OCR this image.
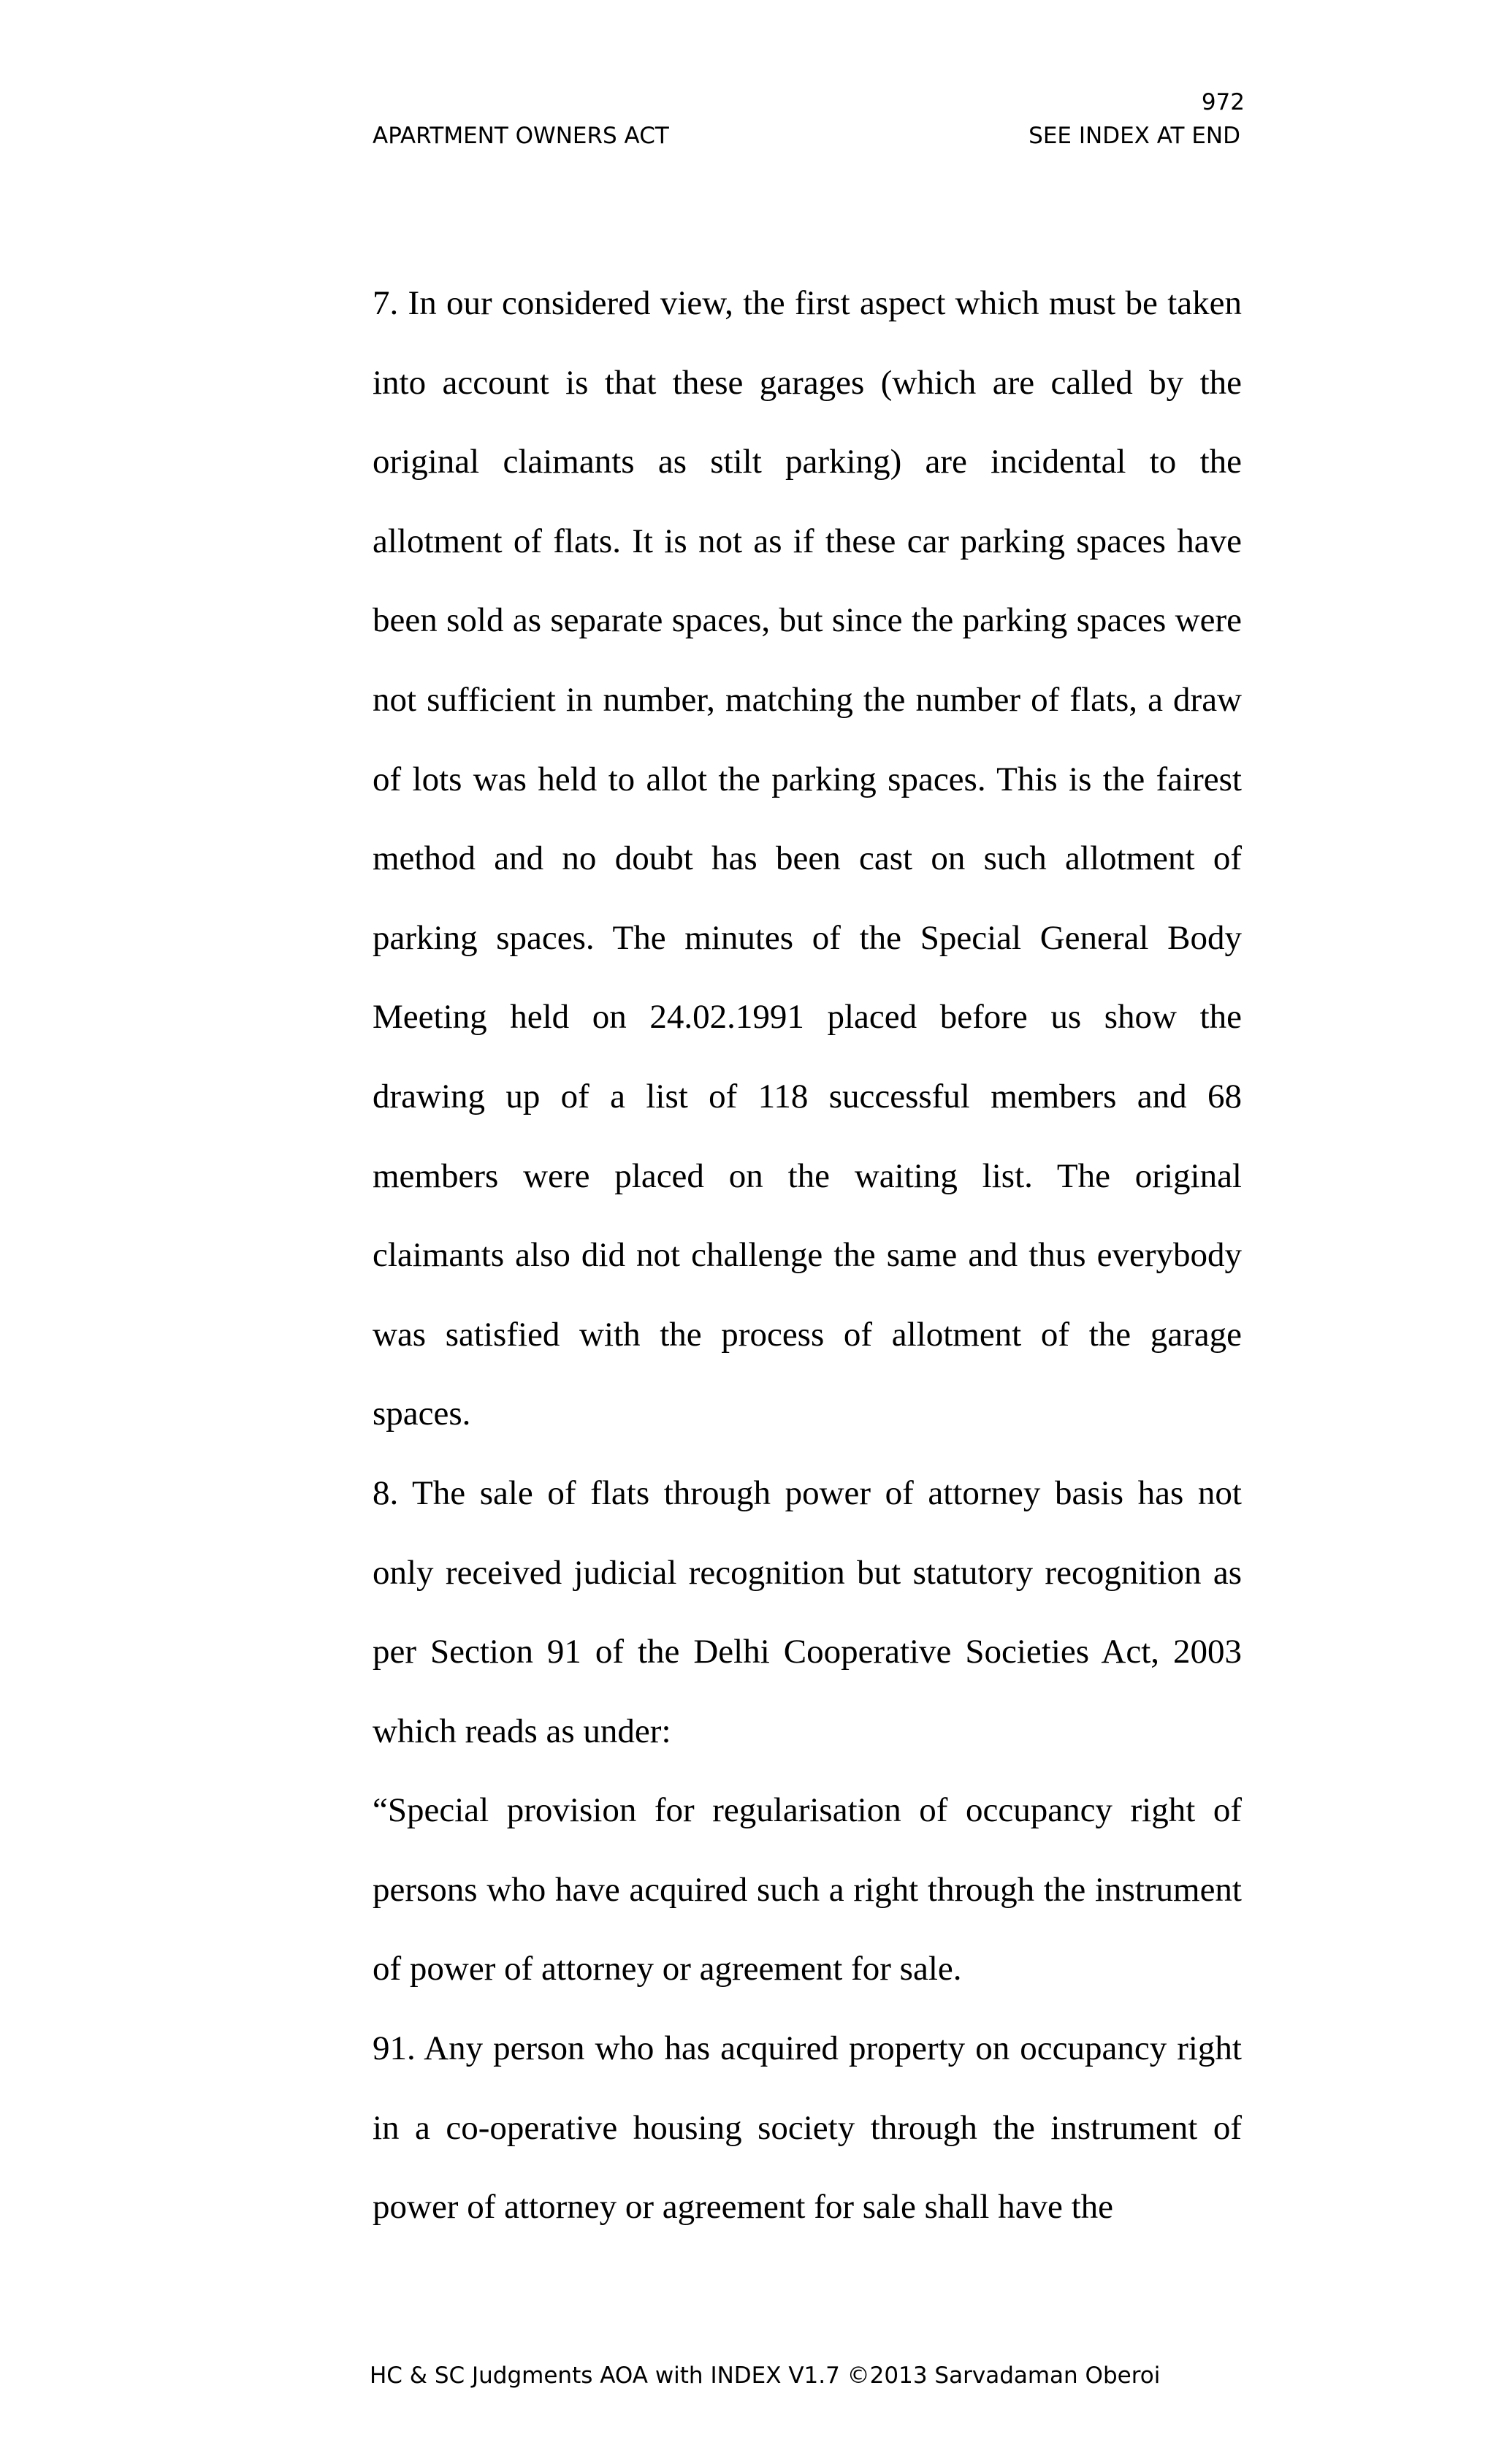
972
APARTMENT OWNERS ACT	SEE INDEX AT END

7. In our considered view, the first aspect which must be taken into account is that these garages (which are called by the original claimants as stilt parking) are incidental to the allotment of flats. It is not as if these car parking spaces have been sold as separate spaces, but since the parking spaces were not sufficient in number, matching the number of flats, a draw of lots was held to allot the parking spaces. This is the fairest method and no doubt has been cast on such allotment of parking spaces. The minutes of the Special General Body Meeting held on 24.02.1991 placed before us show the drawing up of a list of 118 successful members and 68 members were placed on the waiting list. The original claimants also did not challenge the same and thus everybody was satisfied with the process of allotment of the garage spaces.

8. The sale of flats through power of attorney basis has not only received judicial recognition but statutory recognition as per Section 91 of the Delhi Cooperative Societies Act, 2003 which reads as under:

“Special provision for regularisation of occupancy right of persons who have acquired such a right through the instrument of power of attorney or agreement for sale.

91. Any person who has acquired property on occupancy right in a co-operative housing society through the instrument of power of attorney or agreement for sale shall have the

HC & SC Judgments AOA with INDEX V1.7 ©2013 Sarvadaman Oberoi
